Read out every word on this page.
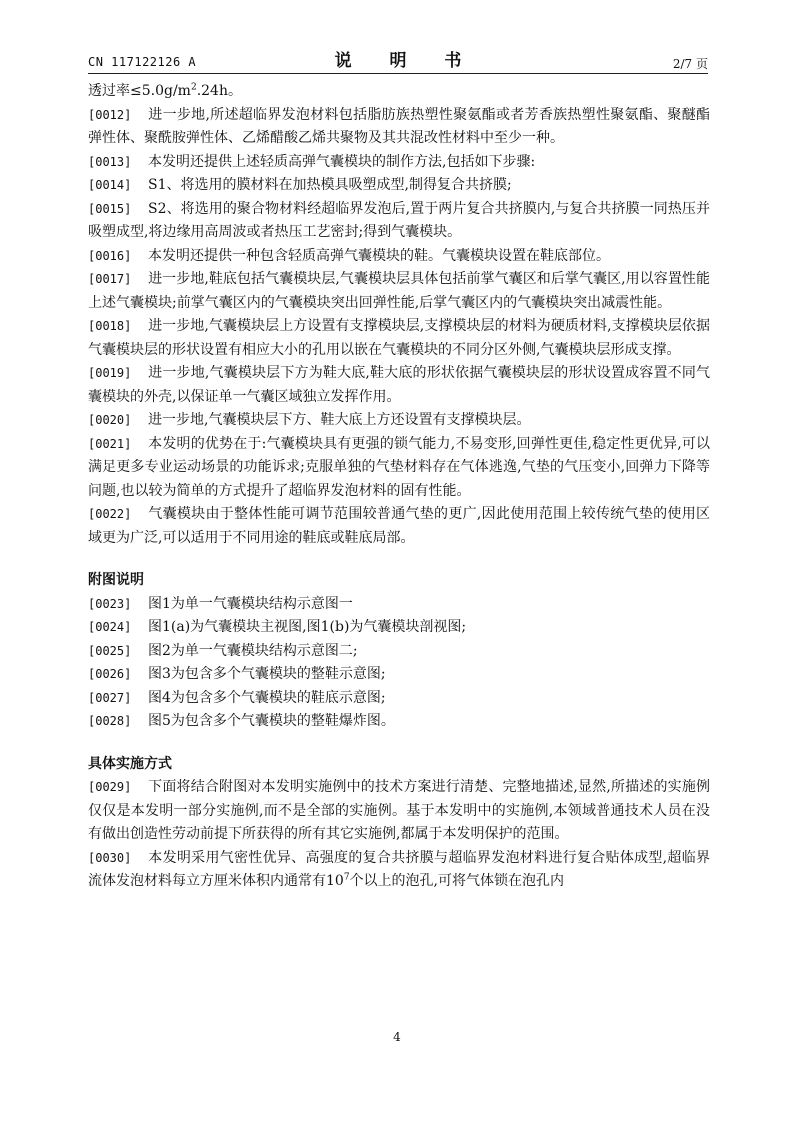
CN 117122126 A	说 明 书	2/7 页

透过率$\le 5.0g/m^2.24h$。

[0012] 进一步地,所述超临界发泡材料包括脂肪族热塑性聚氨酯或者芳香族热塑性聚氨酯、聚醚酯弹性体、聚酰胺弹性体、乙烯醋酸乙烯共聚物及其共混改性材料中至少一种。

[0013] 本发明还提供上述轻质高弹气囊模块的制作方法,包括如下步骤:

[0014] S1、将选用的膜材料在加热模具吸塑成型,制得复合共挤膜;

[0015] S2、将选用的聚合物材料经超临界发泡后,置于两片复合共挤膜内,与复合共挤膜一同热压并吸塑成型,将边缘用高周波或者热压工艺密封;得到气囊模块。

[0016] 本发明还提供一种包含轻质高弹气囊模块的鞋。气囊模块设置在鞋底部位。

[0017] 进一步地,鞋底包括气囊模块层,气囊模块层具体包括前掌气囊区和后掌气囊区,用以容置性能上述气囊模块;前掌气囊区内的气囊模块突出回弹性能,后掌气囊区内的气囊模块突出减震性能。

[0018] 进一步地,气囊模块层上方设置有支撑模块层,支撑模块层的材料为硬质材料,支撑模块层依据气囊模块层的形状设置有相应大小的孔用以嵌在气囊模块的不同分区外侧,气囊模块层形成支撑。

[0019] 进一步地,气囊模块层下方为鞋大底,鞋大底的形状依据气囊模块层的形状设置成容置不同气囊模块的外壳,以保证单一气囊区域独立发挥作用。

[0020] 进一步地,气囊模块层下方、鞋大底上方还设置有支撑模块层。

[0021] 本发明的优势在于:气囊模块具有更强的锁气能力,不易变形,回弹性更佳,稳定性更优异,可以满足更多专业运动场景的功能诉求;克服单独的气垫材料存在气体逃逸,气垫的气压变小,回弹力下降等问题,也以较为简单的方式提升了超临界发泡材料的固有性能。

[0022] 气囊模块由于整体性能可调节范围较普通气垫的更广,因此使用范围上较传统气垫的使用区域更为广泛,可以适用于不同用途的鞋底或鞋底局部。

附图说明

[0023] 图1为单一气囊模块结构示意图一

[0024] 图1(a)为气囊模块主视图,图1(b)为气囊模块剖视图;

[0025] 图2为单一气囊模块结构示意图二;

[0026] 图3为包含多个气囊模块的整鞋示意图;

[0027] 图4为包含多个气囊模块的鞋底示意图;

[0028] 图5为包含多个气囊模块的整鞋爆炸图。

具体实施方式

[0029] 下面将结合附图对本发明实施例中的技术方案进行清楚、完整地描述,显然,所描述的实施例仅仅是本发明一部分实施例,而不是全部的实施例。基于本发明中的实施例,本领域普通技术人员在没有做出创造性劳动前提下所获得的所有其它实施例,都属于本发明保护的范围。

[0030] 本发明采用气密性优异、高强度的复合共挤膜与超临界发泡材料进行复合贴体成型,超临界流体发泡材料每立方厘米体积内通常有$10^7$个以上的泡孔,可将气体锁在泡孔内

4
